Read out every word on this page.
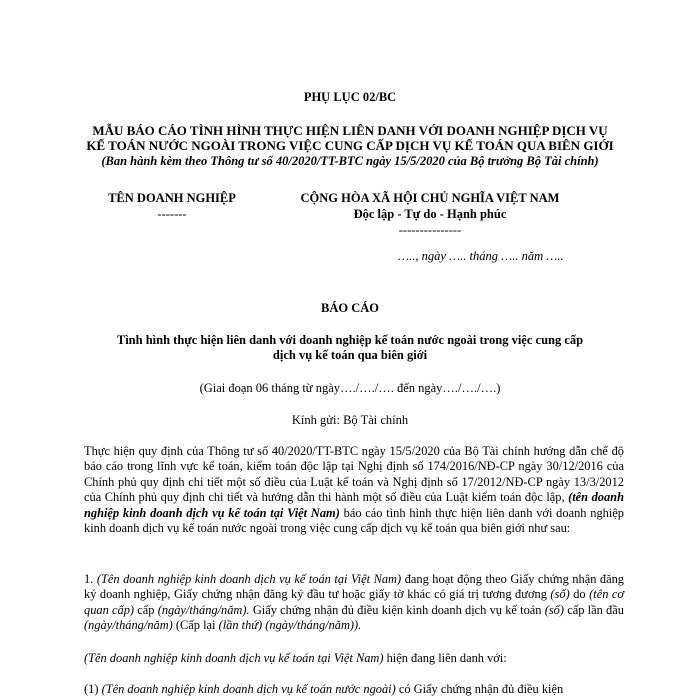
PHỤ LỤC 02/BC
MẪU BÁO CÁO TÌNH HÌNH THỰC HIỆN LIÊN DANH VỚI DOANH NGHIỆP DỊCH VỤ
KẾ TOÁN NƯỚC NGOÀI TRONG VIỆC CUNG CẤP DỊCH VỤ KẾ TOÁN QUA BIÊN GIỚI
(Ban hành kèm theo Thông tư số 40/2020/TT-BTC ngày 15/5/2020 của Bộ trưởng Bộ Tài chính)
TÊN DOANH NGHIỆP
-------
CỘNG HÒA XÃ HỘI CHỦ NGHĨA VIỆT NAM
Độc lập - Tự do - Hạnh phúc
---------------
….., ngày ….. tháng ….. năm …..
BÁO CÁO
Tình hình thực hiện liên danh với doanh nghiệp kế toán nước ngoài trong việc cung cấp
dịch vụ kế toán qua biên giới
(Giai đoạn 06 tháng từ ngày…./…./…. đến ngày…./…./….)
Kính gửi: Bộ Tài chính

Thực hiện quy định của Thông tư số 40/2020/TT-BTC ngày 15/5/2020 của Bộ Tài chính hướng dẫn chế độ báo cáo trong lĩnh vực kế toán, kiểm toán độc lập tại Nghị định số 174/2016/NĐ-CP ngày 30/12/2016 của Chính phủ quy định chi tiết một số điều của Luật kế toán và Nghị định số 17/2012/NĐ-CP ngày 13/3/2012 của Chính phủ quy định chi tiết và hướng dẫn thi hành một số điều của Luật kiểm toán độc lập, (tên doanh nghiệp kinh doanh dịch vụ kế toán tại Việt Nam) báo cáo tình hình thực hiện liên danh với doanh nghiệp kinh doanh dịch vụ kế toán nước ngoài trong việc cung cấp dịch vụ kế toán qua biên giới như sau:

1. (Tên doanh nghiệp kinh doanh dịch vụ kế toán tại Việt Nam) đang hoạt động theo Giấy chứng nhận đăng ký doanh nghiệp, Giấy chứng nhận đăng ký đầu tư hoặc giấy tờ khác có giá trị tương đương (số) do (tên cơ quan cấp) cấp (ngày/tháng/năm). Giấy chứng nhận đủ điều kiện kinh doanh dịch vụ kế toán (số) cấp lần đầu (ngày/tháng/năm) (Cấp lại (lần thứ) (ngày/tháng/năm)).

(Tên doanh nghiệp kinh doanh dịch vụ kế toán tại Việt Nam) hiện đang liên danh với:

(1) (Tên doanh nghiệp kinh doanh dịch vụ kế toán nước ngoài) có Giấy chứng nhận đủ điều kiện
